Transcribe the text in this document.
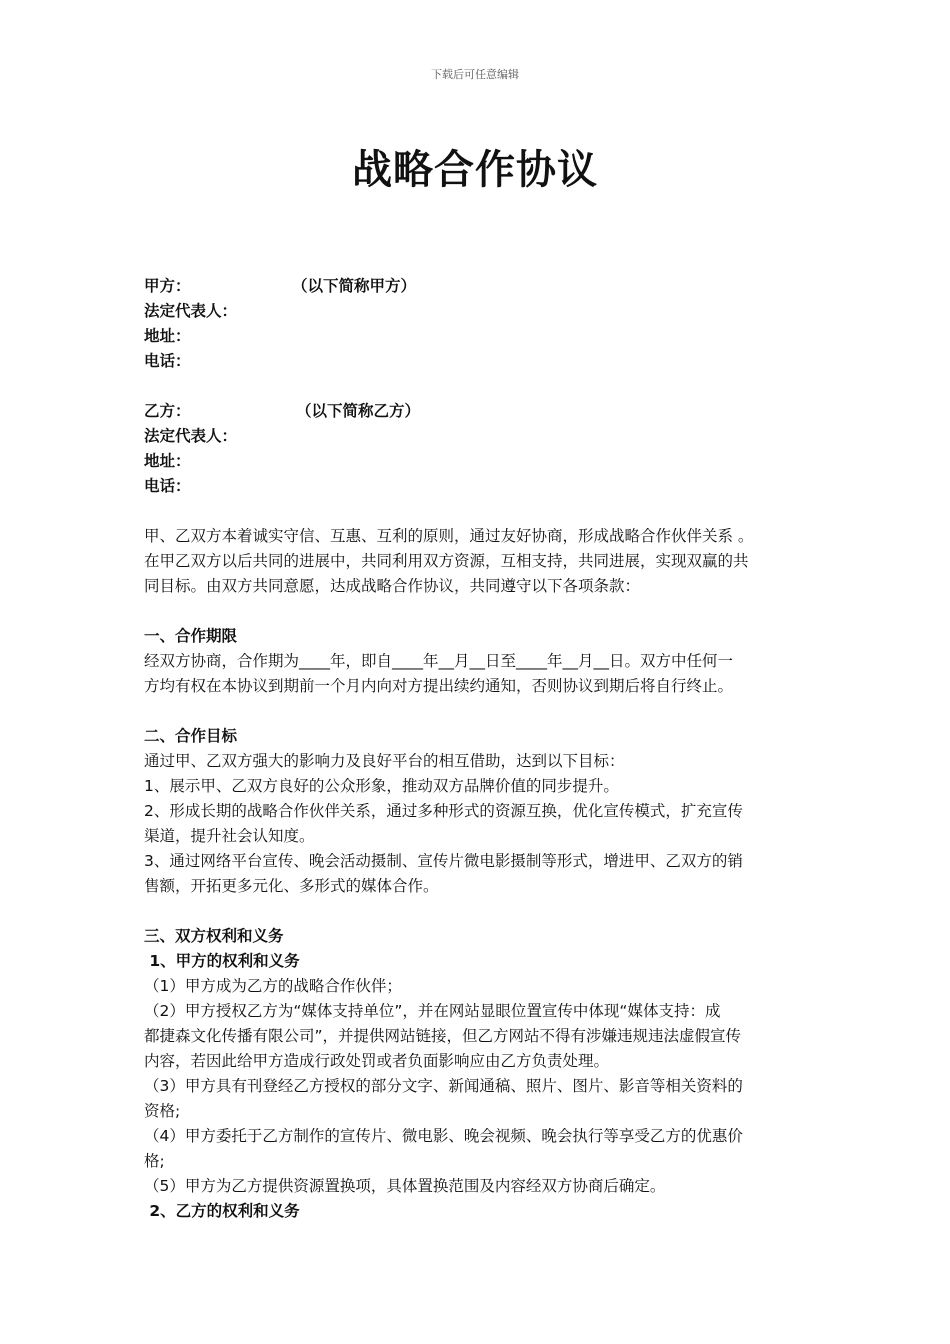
下载后可任意编辑
战略合作协议
甲方：	（以下简称甲方）
法定代表人：
地址：
电话：
乙方：	（以下简称乙方）
法定代表人：
地址：
电话：
甲、乙双方本着诚实守信、互惠、互利的原则，通过友好协商，形成战略合作伙伴关系 。
在甲乙双方以后共同的进展中，共同利用双方资源，互相支持，共同进展，实现双赢的共
同目标。由双方共同意愿，达成战略合作协议，共同遵守以下各项条款：
一、合作期限
经双方协商，合作期为____年，即自____年__月__日至____年__月__日。双方中任何一
方均有权在本协议到期前一个月内向对方提出续约通知，否则协议到期后将自行终止。
二、合作目标
通过甲、乙双方强大的影响力及良好平台的相互借助，达到以下目标：
1、展示甲、乙双方良好的公众形象，推动双方品牌价值的同步提升。
2、形成长期的战略合作伙伴关系，通过多种形式的资源互换，优化宣传模式，扩充宣传
渠道，提升社会认知度。
3、通过网络平台宣传、晚会活动摄制、宣传片微电影摄制等形式，增进甲、乙双方的销
售额，开拓更多元化、多形式的媒体合作。
三、双方权利和义务
1、甲方的权利和义务
（1）甲方成为乙方的战略合作伙伴；
（2）甲方授权乙方为“媒体支持单位”，并在网站显眼位置宣传中体现“媒体支持：成
都捷森文化传播有限公司”，并提供网站链接，但乙方网站不得有涉嫌违规违法虚假宣传
内容，若因此给甲方造成行政处罚或者负面影响应由乙方负责处理。
（3）甲方具有刊登经乙方授权的部分文字、新闻通稿、照片、图片、影音等相关资料的
资格;
（4）甲方委托于乙方制作的宣传片、微电影、晚会视频、晚会执行等享受乙方的优惠价
格;
（5）甲方为乙方提供资源置换项，具体置换范围及内容经双方协商后确定。
2、乙方的权利和义务
